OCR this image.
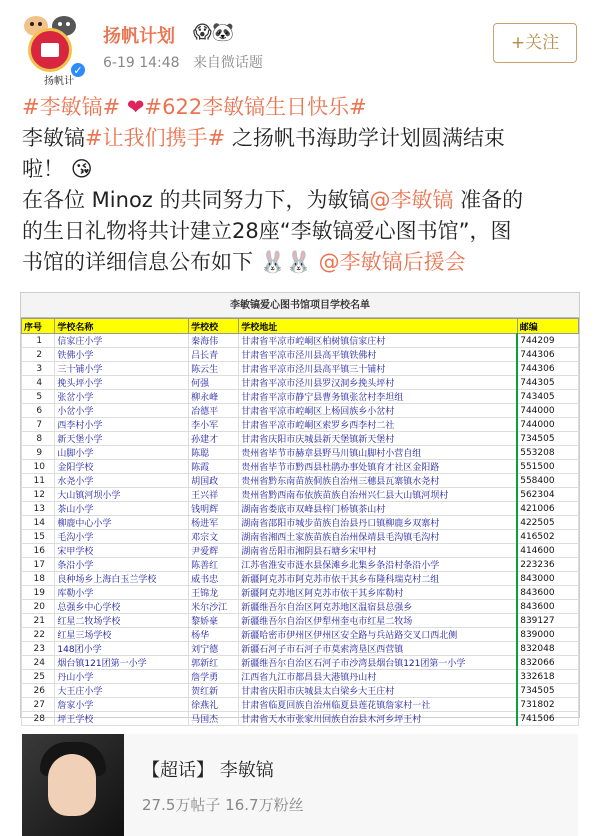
扬帆计
✓
扬帆计划 😱🐼
6-19 14:48 来自微话题
+关注
#李敏镐# ❤#622李敏镐生日快乐#
李敏镐#让我们携手# 之扬帆书海助学计划圆满结束
啦！ 😘
在各位 Minoz 的共同努力下，为敏镐@李敏镐 准备的
的生日礼物将共计建立28座“李敏镐爱心图书馆”，图
书馆的详细信息公布如下 🐰🐰 @李敏镐后援会
李敏镐爱心图书馆项目学校名单
序号	学校名称	学校校	学校地址	邮编
1	信家庄小学	秦海伟	甘肃省平凉市崆峒区柏树镇信家庄村	744209
2	铁佛小学	吕长青	甘肃省平凉市泾川县高平镇铁佛村	744306
3	三十铺小学	陈云生	甘肃省平凉市泾川县高平镇三十铺村	744306
4	挽头坪小学	何强	甘肃省平凉市泾川县罗汉洞乡挽头坪村	744305
5	张岔小学	柳永峰	甘肃省平凉市静宁县曹务镇张岔村李坦组	743405
6	小岔小学	冶德平	甘肃省平凉市崆峒区上杨回族乡小岔村	744000
7	西李村小学	李小军	甘肃省平凉市崆峒区索罗乡西李村二社	744000
8	新天堡小学	孙建才	甘肃省庆阳市庆城县新天堡镇新天堡村	734505
9	山脚小学	陈聪	贵州省毕节市赫章县野马川镇山脚村小营自组	553208
10	金阳学校	陈霞	贵州省毕节市黔西县杜鹃办事处镇育才社区金阳路	551500
11	水尧小学	胡国政	贵州省黔东南苗族侗族自治州三穗县瓦寨镇水尧村	558400
12	大山镇河坝小学	王兴祥	贵州省黔西南布依族苗族自治州兴仁县大山镇河坝村	562304
13	茶山小学	钱明辉	湖南省娄底市双峰县梓门桥镇茶山村	421006
14	柳鹿中心小学	杨进军	湖南省邵阳市城步苗族自治县丹口镇柳鹿乡双寨村	422505
15	毛沟小学	邓宗文	湖南省湘西土家族苗族自治州保靖县毛沟镇毛沟村	416502
16	宋甲学校	尹爱辉	湖南省岳阳市湘阴县石塘乡宋甲村	414600
17	条沿小学	陈善红	江苏省淮安市涟水县保滩乡北集乡条沿村条沿小学	223236
18	良种场乡上海白玉兰学校	威书忠	新疆阿克苏市阿克苏市依干其乡布隆科瑞克村二组	843000
19	库勒小学	王锦龙	新疆阿克苏地区阿克苏市依干其乡库勒村	843600
20	总强乡中心学校	米尔沙江	新疆维吾尔自治区阿克苏地区温宿县总强乡	843600
21	红星二牧场学校	黎娇豪	新疆维吾尔自治区伊犁州奎屯市红星二牧场	839127
22	红星三场学校	杨华	新疆哈密市伊州区伊州区安全路与兵站路交叉口西北侧	839000
23	148团小学	刘宁德	新疆石河子市石河子市莫索湾垦区西营镇	832048
24	烟台镇121团第一小学	郭新红	新疆维吾尔自治区石河子市沙湾县烟台镇121团第一小学	832066
25	丹山小学	詹学勇	江西省九江市都昌县大港镇丹山村	332618
26	大王庄小学	贺红新	甘肃省庆阳市庆城县太白梁乡大王庄村	734505
27	詹家小学	徐燕礼	甘肃省临夏回族自治州临夏县莲花镇詹家村一社	731802
28	坪王学校	马国杰	甘肃省天水市张家川回族自治县木河乡坪王村	741506
【超话】 李敏镐
27.5万帖子 16.7万粉丝
